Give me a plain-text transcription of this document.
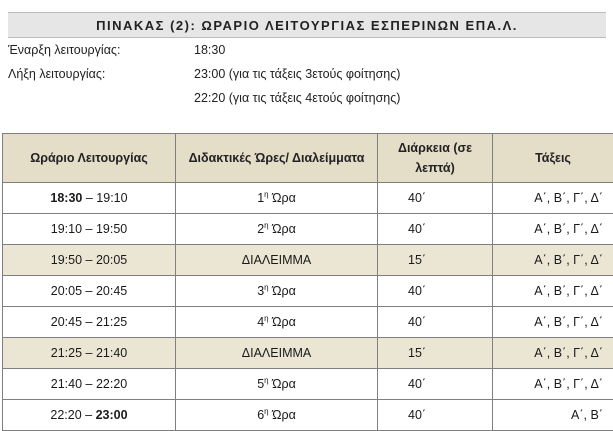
ΠΙΝΑΚΑΣ (2): ΩΡΑΡΙΟ ΛΕΙΤΟΥΡΓΙΑΣ ΕΣΠΕΡΙΝΩΝ ΕΠΑ.Λ.
Έναρξη λειτουργίας:	18:30
Λήξη λειτουργίας:	23:00 (για τις τάξεις 3ετούς φοίτησης)
22:20 (για τις τάξεις 4ετούς φοίτησης)
Ωράριο Λειτουργίας	Διδακτικές Ώρες/ Διαλείμματα	Διάρκεια (σε λεπτά)	Τάξεις
18:30 – 19:10	$1^\eta$ Ώρα	40΄	Α΄, Β΄, Γ΄, Δ΄
19:10 – 19:50	$2^\eta$ Ώρα	40΄	Α΄, Β΄, Γ΄, Δ΄
19:50 – 20:05	ΔΙΑΛΕΙΜΜΑ	15΄	Α΄, Β΄, Γ΄, Δ΄
20:05 – 20:45	$3^\eta$ Ώρα	40΄	Α΄, Β΄, Γ΄, Δ΄
20:45 – 21:25	$4^\eta$ Ώρα	40΄	Α΄, Β΄, Γ΄, Δ΄
21:25 – 21:40	ΔΙΑΛΕΙΜΜΑ	15΄	Α΄, Β΄, Γ΄, Δ΄
21:40 – 22:20	$5^\eta$ Ώρα	40΄	Α΄, Β΄, Γ΄, Δ΄
22:20 – 23:00	$6^\eta$ Ώρα	40΄	Α΄, Β΄
